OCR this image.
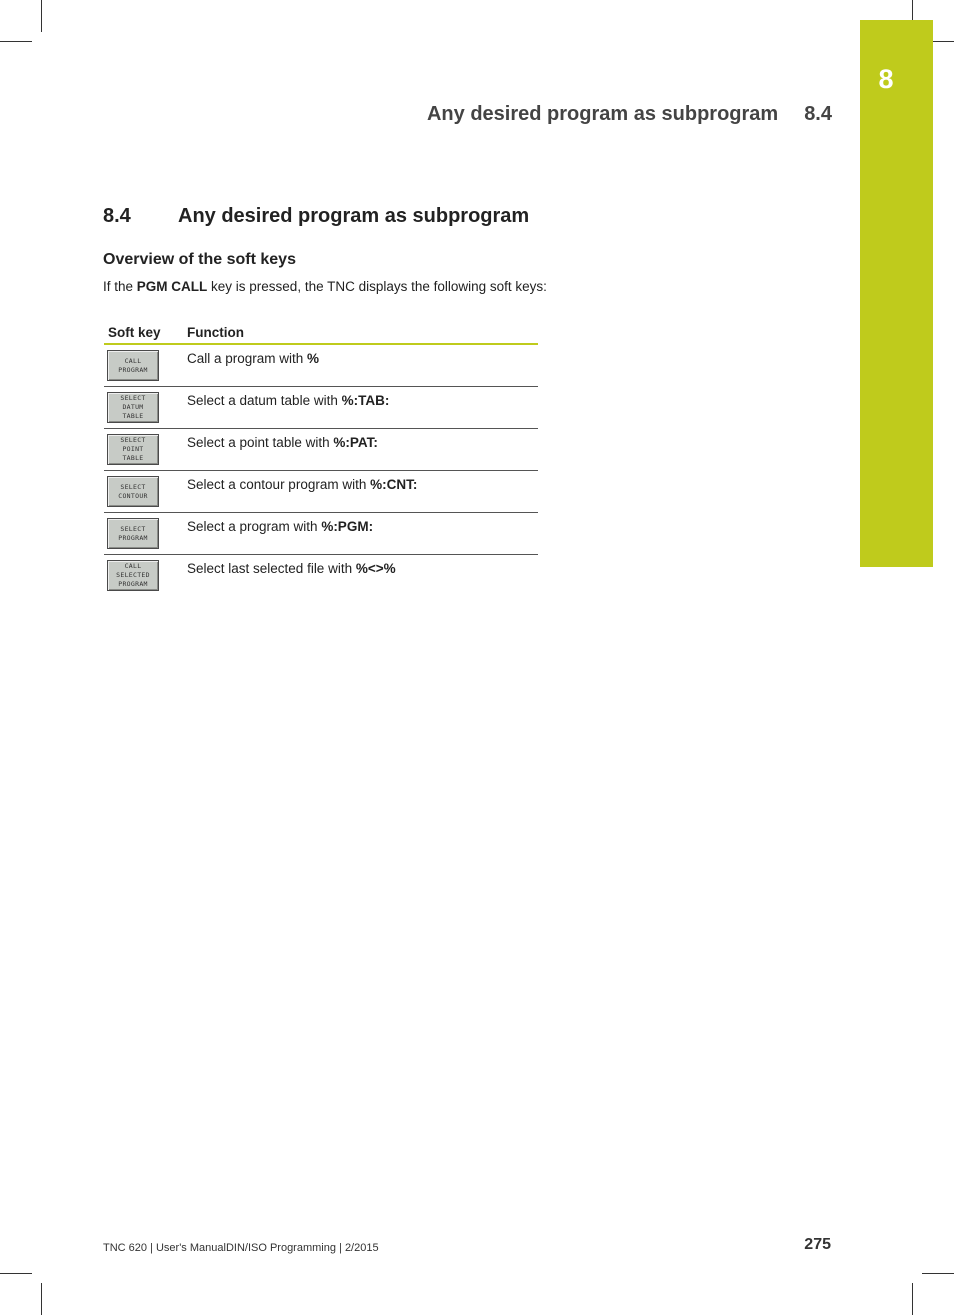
8
Any desired program as subprogram 8.4
8.4 Any desired program as subprogram
Overview of the soft keys
If the PGM CALL key is pressed, the TNC displays the following soft keys:
Soft key	Function
CALL
PROGRAM
Call a program with %
SELECT
DATUM
TABLE
Select a datum table with %:TAB:
SELECT
POINT
TABLE
Select a point table with %:PAT:
SELECT
CONTOUR
Select a contour program with %:CNT:
SELECT
PROGRAM
Select a program with %:PGM:
CALL
SELECTED
PROGRAM
Select last selected file with %<>%
TNC 620 | User's ManualDIN/ISO Programming | 2/2015	275
